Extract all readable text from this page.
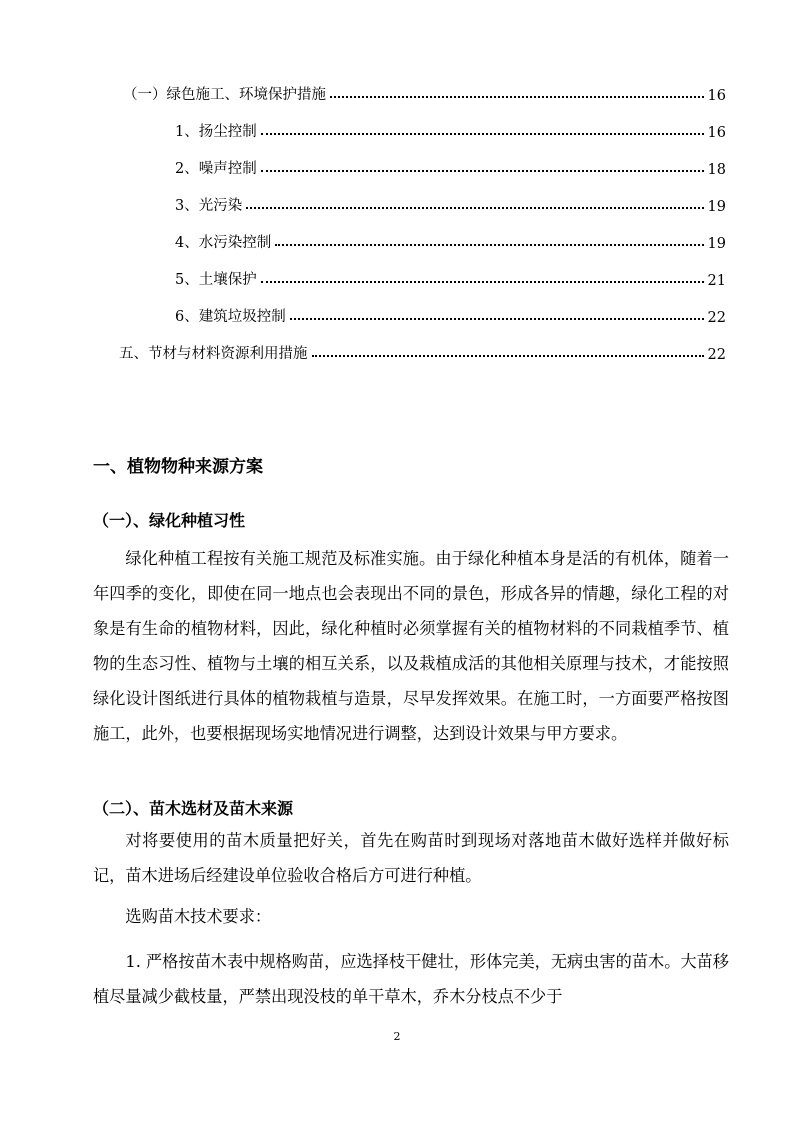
（一）绿色施工、环境保护措施	16
1、扬尘控制	16
2、噪声控制	18
3、光污染	19
4、水污染控制	19
5、土壤保护	21
6、建筑垃圾控制	22
五、节材与材料资源利用措施	22
一、植物物种来源方案
（一）、绿化种植习性

绿化种植工程按有关施工规范及标准实施。由于绿化种植本身是活的有机体，随着一年四季的变化，即使在同一地点也会表现出不同的景色，形成各异的情趣，绿化工程的对象是有生命的植物材料，因此，绿化种植时必须掌握有关的植物材料的不同栽植季节、植物的生态习性、植物与土壤的相互关系，以及栽植成活的其他相关原理与技术，才能按照绿化设计图纸进行具体的植物栽植与造景，尽早发挥效果。在施工时，一方面要严格按图施工，此外，也要根据现场实地情况进行调整，达到设计效果与甲方要求。

（二）、苗木选材及苗木来源

对将要使用的苗木质量把好关，首先在购苗时到现场对落地苗木做好选样并做好标记，苗木进场后经建设单位验收合格后方可进行种植。

选购苗木技术要求：

1. 严格按苗木表中规格购苗，应选择枝干健壮，形体完美，无病虫害的苗木。大苗移植尽量减少截枝量，严禁出现没枝的单干草木，乔木分枝点不少于

2
